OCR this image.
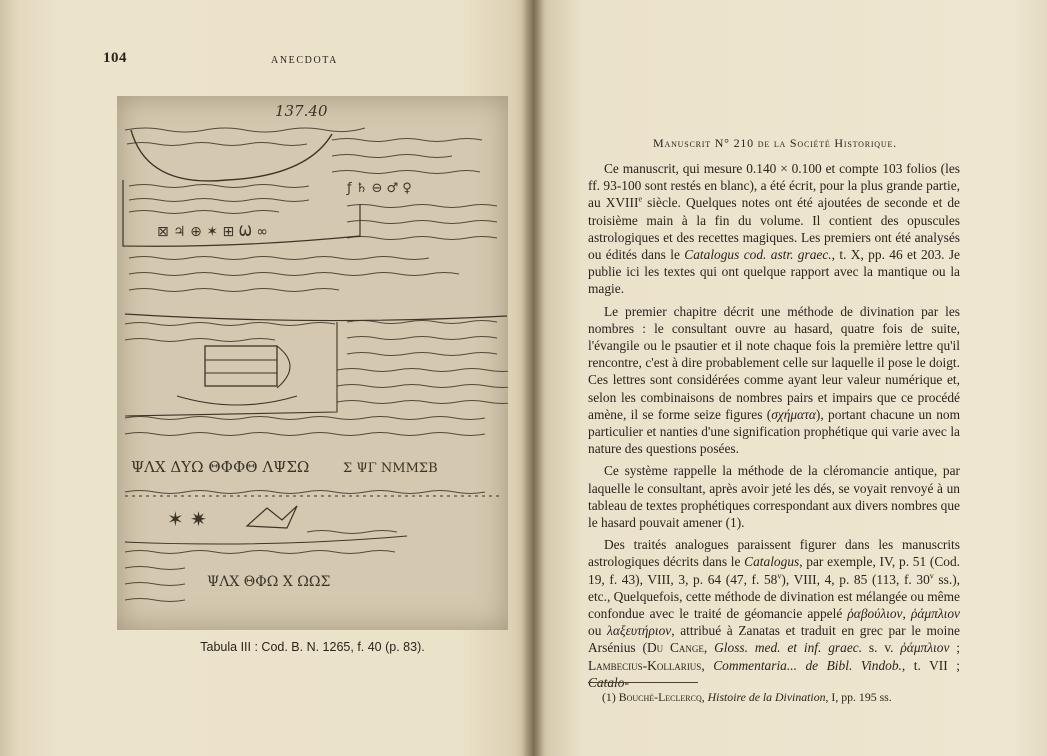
104	ANECDOTA
137.40
⊠ ♃ ⊕ ✶ ⊞ Ѡ ∞
ƒ ♄ ⊖ ♂ ♀
ΨΛΧ ΔΥΩ ΘΦΦΘ ΛΨΣΩ	Σ ΨΓ ΝΜΜΣΒ
✶ ✷
ΨΛΧ ΘΦΩ Χ ΩΩΣ
Tabula III : Cod. B. N. 1265, f. 40 (p. 83).
Manuscrit N° 210 de la Société Historique.

Ce manuscrit, qui mesure 0.140 × 0.100 et compte 103 folios (les ff. 93-100 sont restés en blanc), a été écrit, pour la plus grande partie, au XVIIIe siècle. Quelques notes ont été ajoutées de seconde et de troisième main à la fin du volume. Il contient des opuscules astrologiques et des recettes magiques. Les premiers ont été analysés ou édités dans le Catalogus cod. astr. graec., t. X, pp. 46 et 203. Je publie ici les textes qui ont quelque rapport avec la mantique ou la magie.

Le premier chapitre décrit une méthode de divination par les nombres : le consultant ouvre au hasard, quatre fois de suite, l'évangile ou le psautier et il note chaque fois la première lettre qu'il rencontre, c'est à dire probablement celle sur laquelle il pose le doigt. Ces lettres sont considérées comme ayant leur valeur numérique et, selon les combinaisons de nombres pairs et impairs que ce procédé amène, il se forme seize figures (σχήματα), portant chacune un nom particulier et nanties d'une signification prophétique qui varie avec la nature des questions posées.

Ce système rappelle la méthode de la cléromancie antique, par laquelle le consultant, après avoir jeté les dés, se voyait renvoyé à un tableau de textes prophétiques correspondant aux divers nombres que le hasard pouvait amener (1).

Des traités analogues paraissent figurer dans les manuscrits astrologiques décrits dans le Catalogus, par exemple, IV, p. 51 (Cod. 19, f. 43), VIII, 3, p. 64 (47, f. 58$^v$), VIII, 4, p. 85 (113, f. 30$^v$ ss.), etc., Quelquefois, cette méthode de divination est mélangée ou même confondue avec le traité de géomancie appelé ῥαβούλιον, ῥάμπλιον ou λαξευτήριον, attribué à Zanatas et traduit en grec par le moine Arsénius (Du Cange, Gloss. med. et inf. graec. s. v. ῥάμπλιον ; Lambecius-Kollarius, Commentaria... de Bibl. Vindob., t. VII ; Catalo-

(1) Bouché-Leclercq, Histoire de la Divination, I, pp. 195 ss.
